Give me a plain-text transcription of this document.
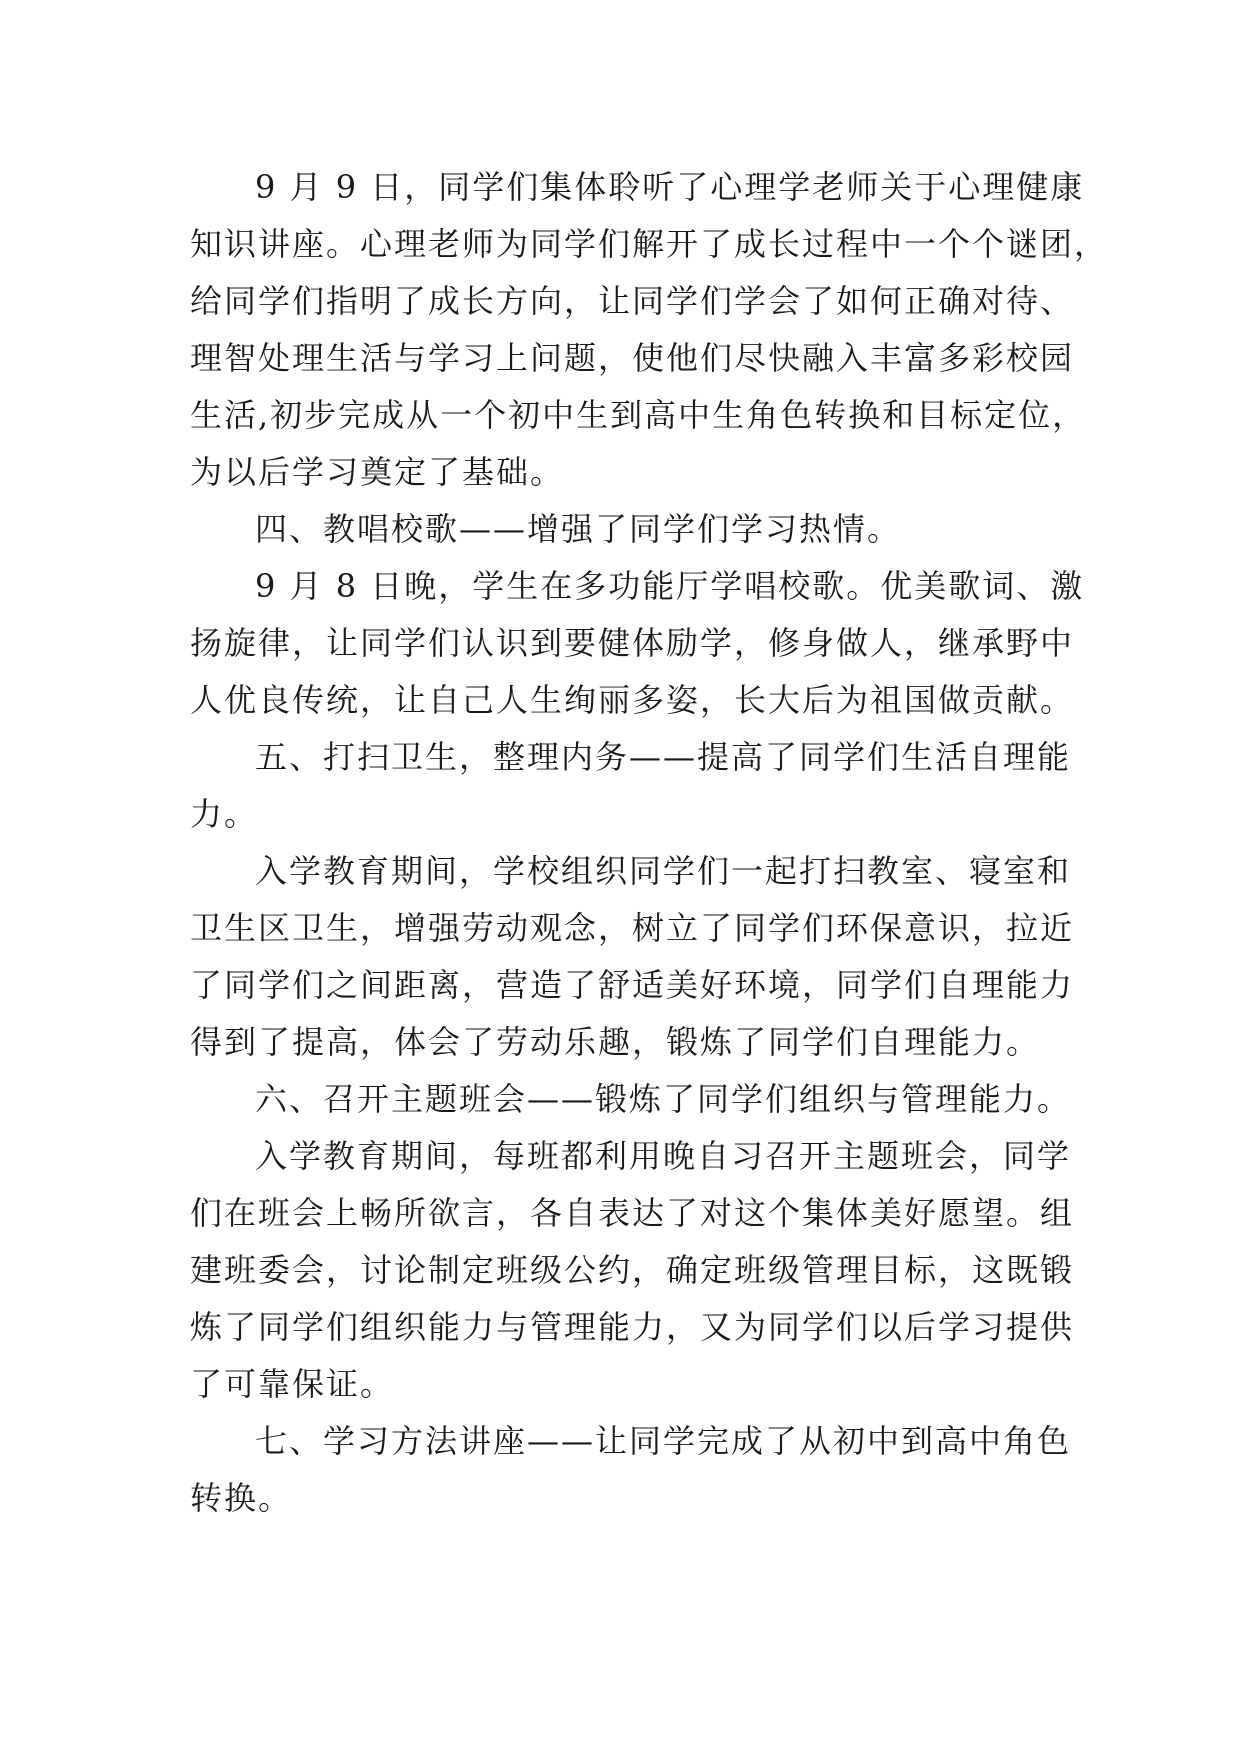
9 月 9 日，同学们集体聆听了心理学老师关于心理健康
知识讲座。心理老师为同学们解开了成长过程中一个个谜团，
给同学们指明了成长方向，让同学们学会了如何正确对待、
理智处理生活与学习上问题，使他们尽快融入丰富多彩校园
生活,初步完成从一个初中生到高中生角色转换和目标定位，
为以后学习奠定了基础。
四、教唱校歌——增强了同学们学习热情。
9 月 8 日晚，学生在多功能厅学唱校歌。优美歌词、激
扬旋律，让同学们认识到要健体励学，修身做人，继承野中
人优良传统，让自己人生绚丽多姿，长大后为祖国做贡献。
五、打扫卫生，整理内务——提高了同学们生活自理能
力。
入学教育期间，学校组织同学们一起打扫教室、寝室和
卫生区卫生，增强劳动观念，树立了同学们环保意识，拉近
了同学们之间距离，营造了舒适美好环境，同学们自理能力
得到了提高，体会了劳动乐趣，锻炼了同学们自理能力。
六、召开主题班会——锻炼了同学们组织与管理能力。
入学教育期间，每班都利用晚自习召开主题班会，同学
们在班会上畅所欲言，各自表达了对这个集体美好愿望。组
建班委会，讨论制定班级公约，确定班级管理目标，这既锻
炼了同学们组织能力与管理能力，又为同学们以后学习提供
了可靠保证。
七、学习方法讲座——让同学完成了从初中到高中角色
转换。
